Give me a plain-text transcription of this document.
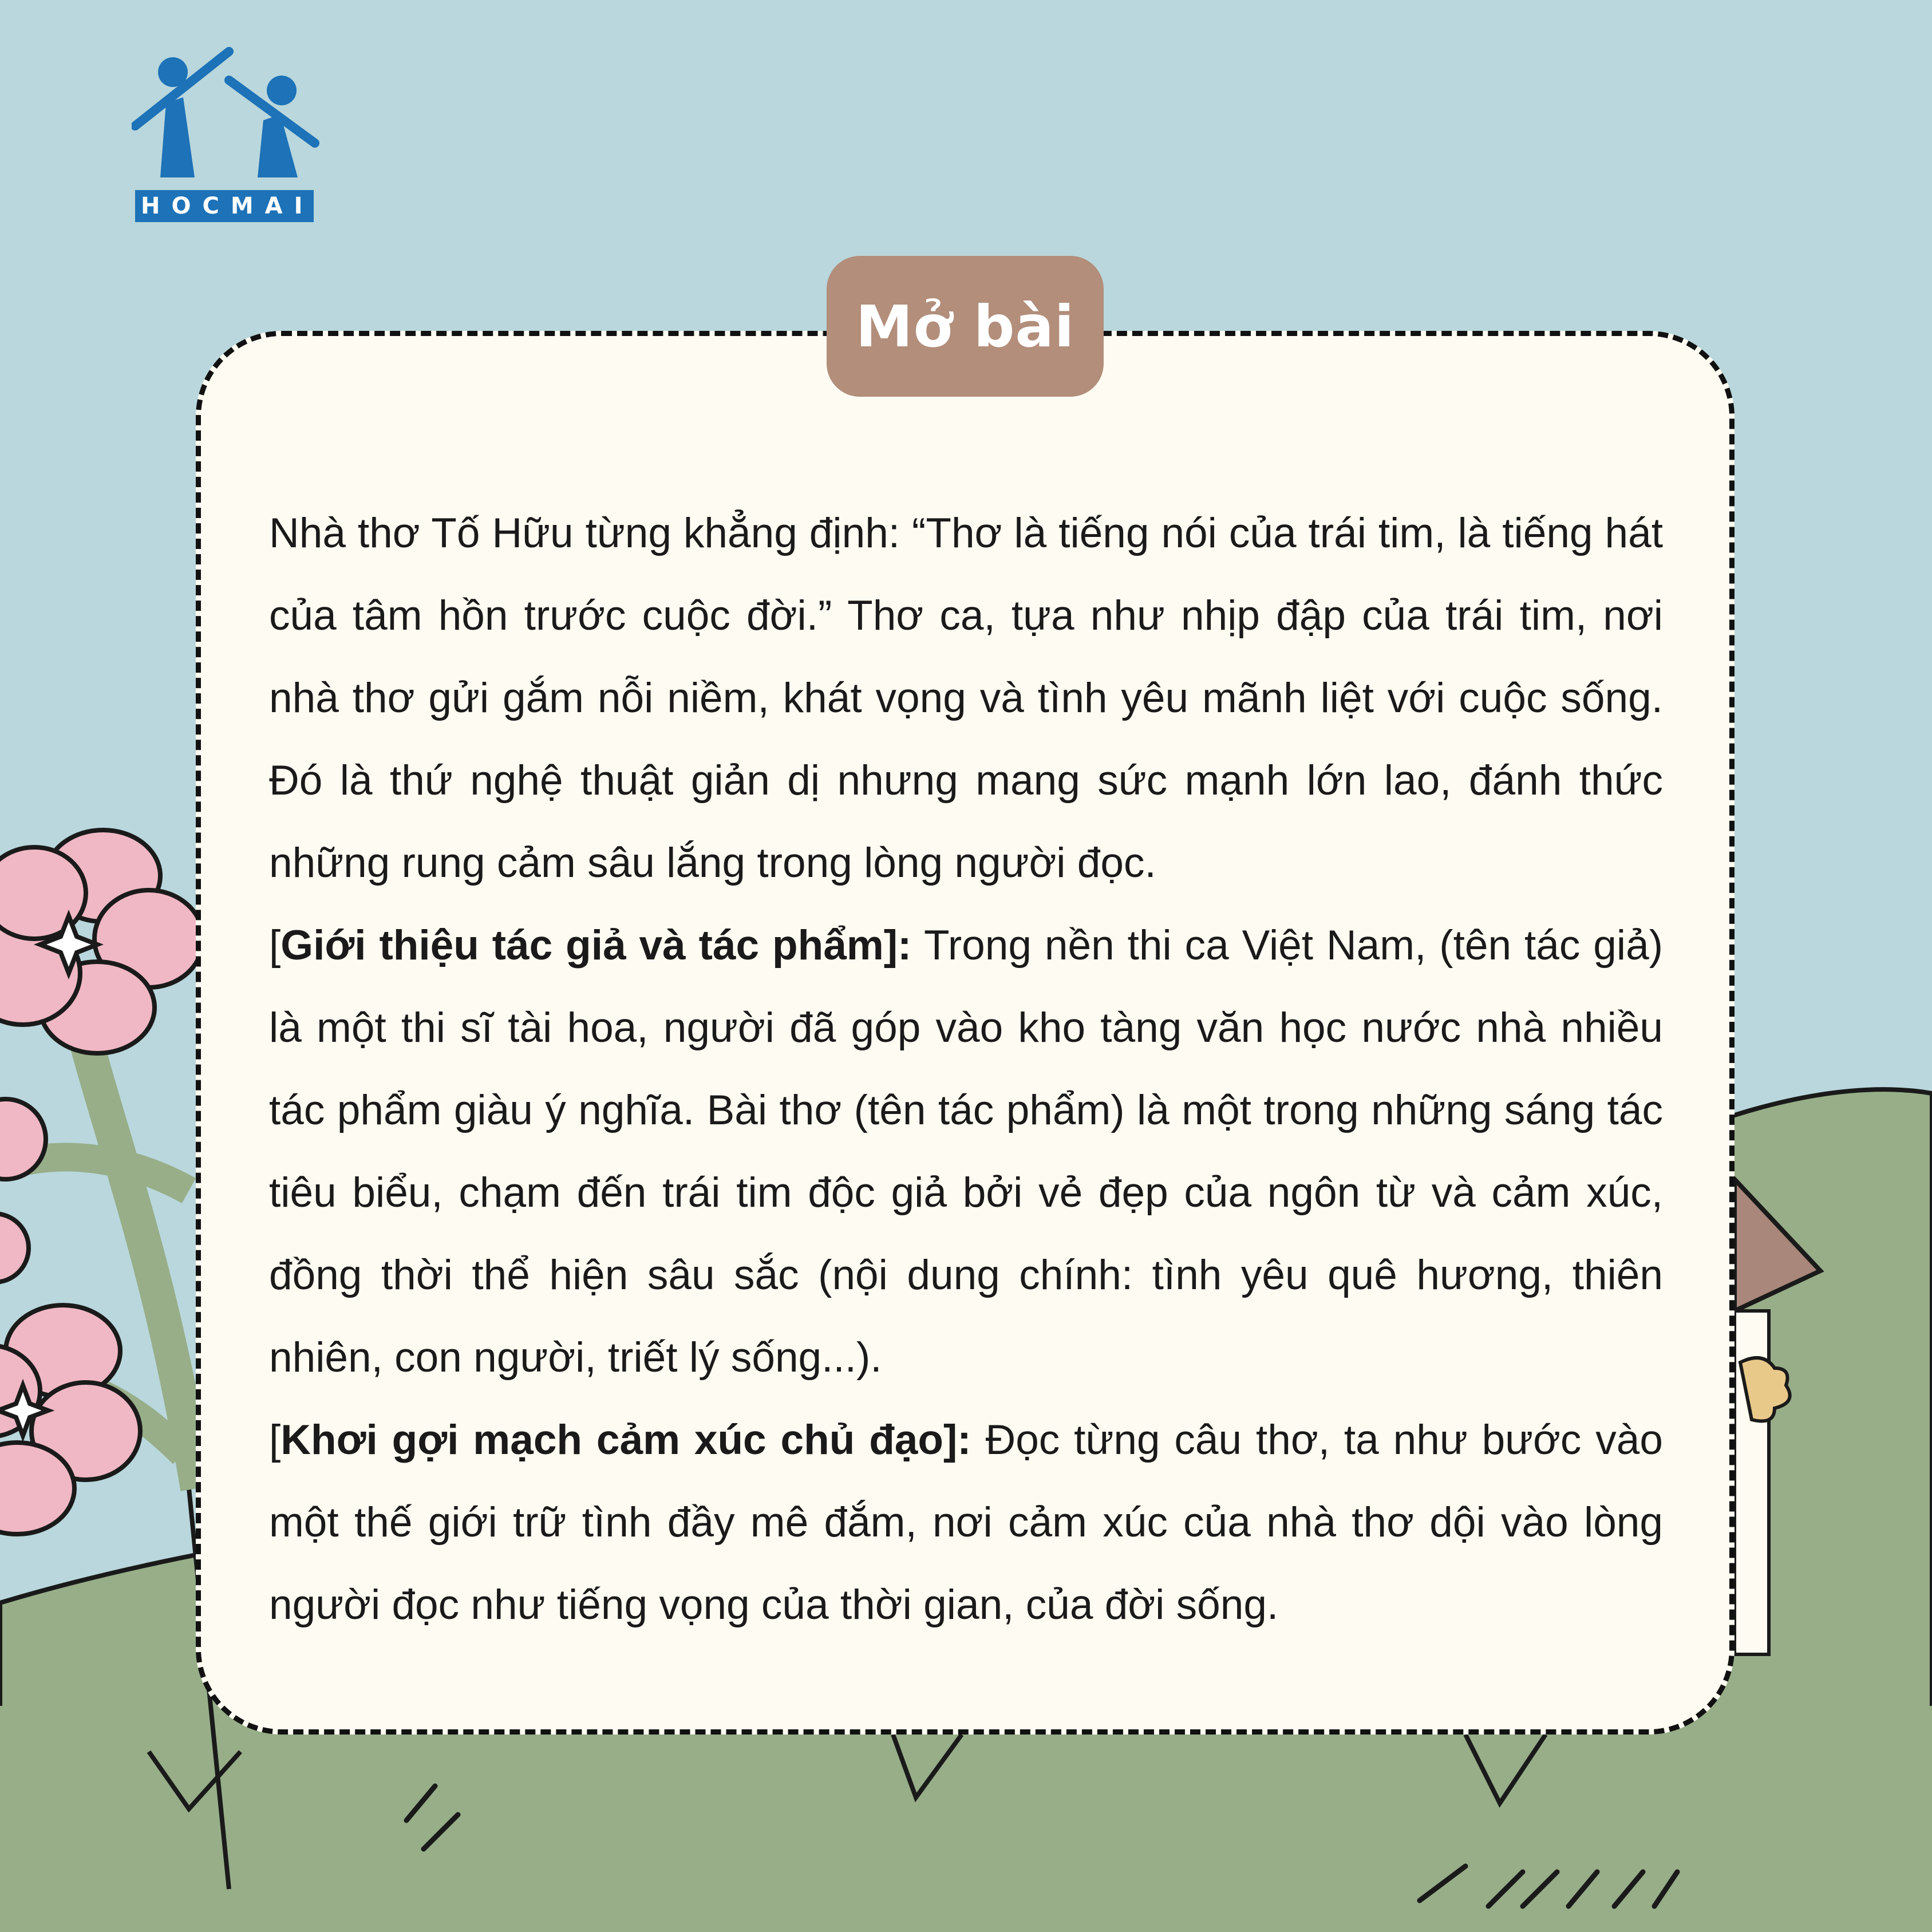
HOCMAI
Mở bài

Nhà thơ Tố Hữu từng khẳng định: “Thơ là tiếng nói của trái tim, là tiếng hát của tâm hồn trước cuộc đời.” Thơ ca, tựa như nhịp đập của trái tim, nơi nhà thơ gửi gắm nỗi niềm, khát vọng và tình yêu mãnh liệt với cuộc sống. Đó là thứ nghệ thuật giản dị nhưng mang sức mạnh lớn lao, đánh thức những rung cảm sâu lắng trong lòng người đọc.

[Giới thiệu tác giả và tác phẩm]: Trong nền thi ca Việt Nam, (tên tác giả) là một thi sĩ tài hoa, người đã góp vào kho tàng văn học nước nhà nhiều tác phẩm giàu ý nghĩa. Bài thơ (tên tác phẩm) là một trong những sáng tác tiêu biểu, chạm đến trái tim độc giả bởi vẻ đẹp của ngôn từ và cảm xúc, đồng thời thể hiện sâu sắc (nội dung chính: tình yêu quê hương, thiên nhiên, con người, triết lý sống...).

[Khơi gợi mạch cảm xúc chủ đạo]: Đọc từng câu thơ, ta như bước vào một thế giới trữ tình đầy mê đắm, nơi cảm xúc của nhà thơ dội vào lòng người đọc như tiếng vọng của thời gian, của đời sống.
